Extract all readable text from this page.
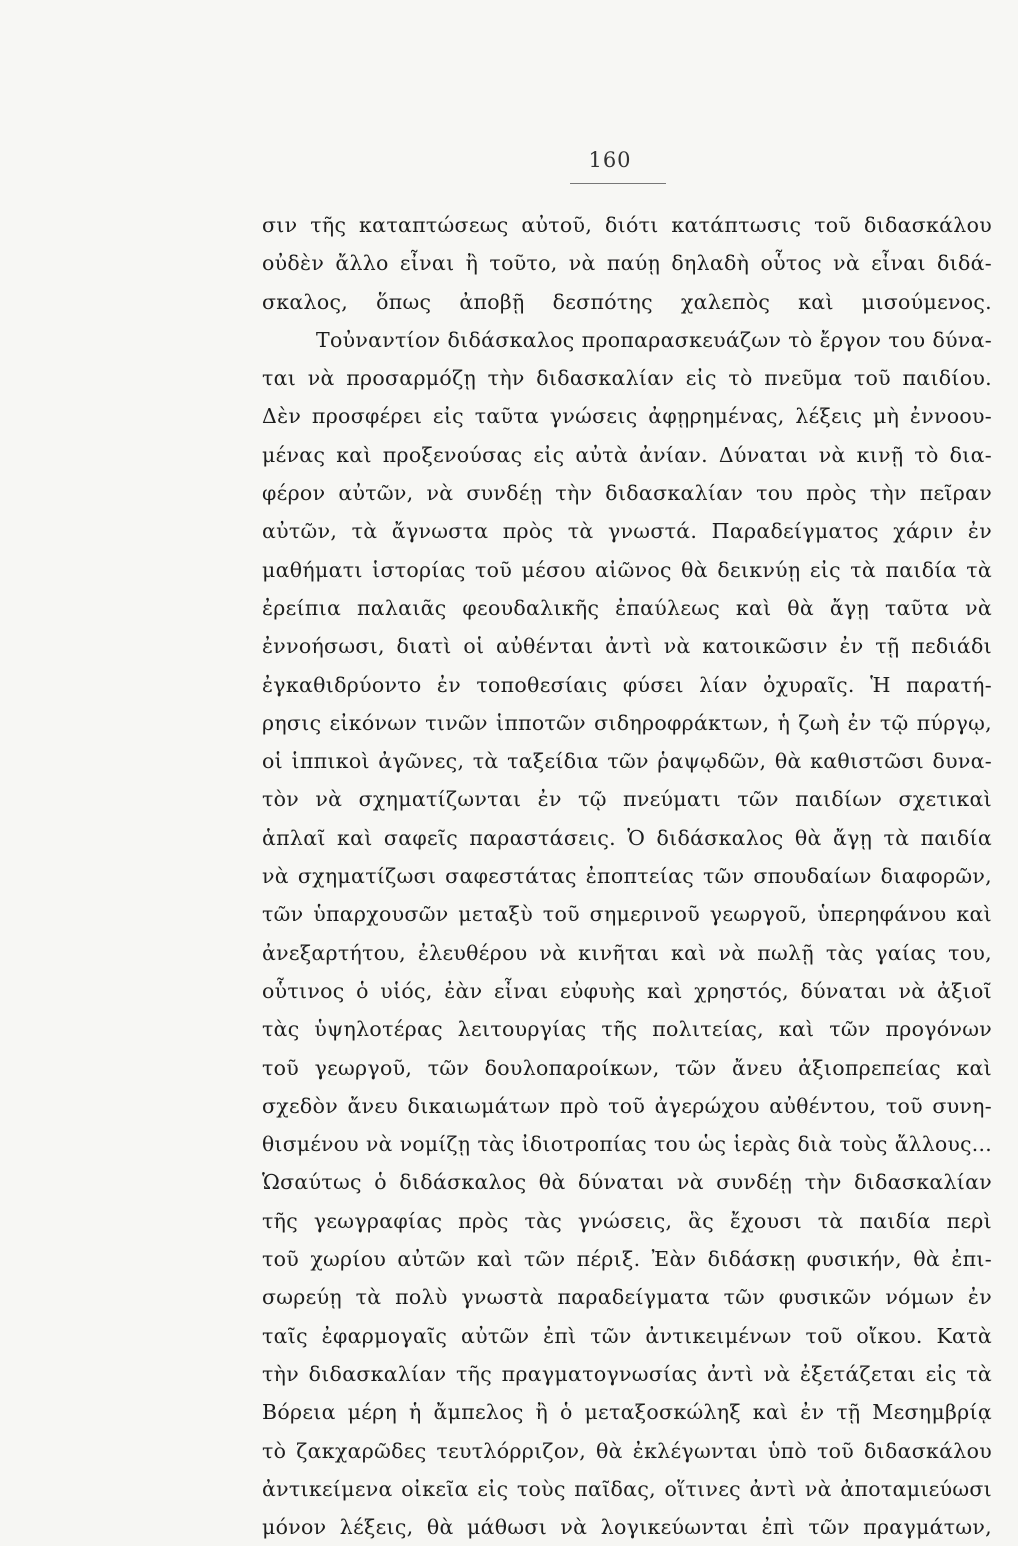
160
σιν τῆς καταπτώσεως αὐτοῦ, διότι κατάπτωσις τοῦ διδασκάλου
οὐδὲν ἄλλο εἶναι ἢ τοῦτο, νὰ παύῃ δηλαδὴ οὗτος νὰ εἶναι διδά-
σκαλος, ὅπως ἀποβῇ δεσπότης χαλεπὸς καὶ μισούμενος.
Τοὐναντίον διδάσκαλος προπαρασκευάζων τὸ ἔργον του δύνα-
ται νὰ προσαρμόζῃ τὴν διδασκαλίαν εἰς τὸ πνεῦμα τοῦ παιδίου.
Δὲν προσφέρει εἰς ταῦτα γνώσεις ἀφῃρημένας, λέξεις μὴ ἐννοου-
μένας καὶ προξενούσας εἰς αὐτὰ ἀνίαν. Δύναται νὰ κινῇ τὸ δια-
φέρον αὐτῶν, νὰ συνδέῃ τὴν διδασκαλίαν του πρὸς τὴν πεῖραν
αὐτῶν, τὰ ἄγνωστα πρὸς τὰ γνωστά. Παραδείγματος χάριν ἐν
μαθήματι ἱστορίας τοῦ μέσου αἰῶνος θὰ δεικνύῃ εἰς τὰ παιδία τὰ
ἐρείπια παλαιᾶς φεουδαλικῆς ἐπαύλεως καὶ θὰ ἄγῃ ταῦτα νὰ
ἐννοήσωσι, διατὶ οἱ αὐθένται ἀντὶ νὰ κατοικῶσιν ἐν τῇ πεδιάδι
ἐγκαθιδρύοντο ἐν τοποθεσίαις φύσει λίαν ὀχυραῖς. Ἡ παρατή-
ρησις εἰκόνων τινῶν ἱπποτῶν σιδηροφράκτων, ἡ ζωὴ ἐν τῷ πύργῳ,
οἱ ἱππικοὶ ἀγῶνες, τὰ ταξείδια τῶν ῥαψῳδῶν, θὰ καθιστῶσι δυνα-
τὸν νὰ σχηματίζωνται ἐν τῷ πνεύματι τῶν παιδίων σχετικαὶ
ἁπλαῖ καὶ σαφεῖς παραστάσεις. Ὁ διδάσκαλος θὰ ἄγῃ τὰ παιδία
νὰ σχηματίζωσι σαφεστάτας ἐποπτείας τῶν σπουδαίων διαφορῶν,
τῶν ὑπαρχουσῶν μεταξὺ τοῦ σημερινοῦ γεωργοῦ, ὑπερηφάνου καὶ
ἀνεξαρτήτου, ἐλευθέρου νὰ κινῆται καὶ νὰ πωλῇ τὰς γαίας του,
οὗτινος ὁ υἱός, ἐὰν εἶναι εὐφυὴς καὶ χρηστός, δύναται νὰ ἀξιοῖ
τὰς ὑψηλοτέρας λειτουργίας τῆς πολιτείας, καὶ τῶν προγόνων
τοῦ γεωργοῦ, τῶν δουλοπαροίκων, τῶν ἄνευ ἀξιοπρεπείας καὶ
σχεδὸν ἄνευ δικαιωμάτων πρὸ τοῦ ἀγερώχου αὐθέντου, τοῦ συνη-
θισμένου νὰ νομίζῃ τὰς ἰδιοτροπίας του ὡς ἱερὰς διὰ τοὺς ἄλλους...
Ὡσαύτως ὁ διδάσκαλος θὰ δύναται νὰ συνδέῃ τὴν διδασκαλίαν
τῆς γεωγραφίας πρὸς τὰς γνώσεις, ἃς ἔχουσι τὰ παιδία περὶ
τοῦ χωρίου αὐτῶν καὶ τῶν πέριξ. Ἐὰν διδάσκῃ φυσικήν, θὰ ἐπι-
σωρεύῃ τὰ πολὺ γνωστὰ παραδείγματα τῶν φυσικῶν νόμων ἐν
ταῖς ἐφαρμογαῖς αὐτῶν ἐπὶ τῶν ἀντικειμένων τοῦ οἴκου. Κατὰ
τὴν διδασκαλίαν τῆς πραγματογνωσίας ἀντὶ νὰ ἐξετάζεται εἰς τὰ
Βόρεια μέρη ἡ ἄμπελος ἢ ὁ μεταξοσκώληξ καὶ ἐν τῇ Μεσημβρίᾳ
τὸ ζακχαρῶδες τευτλόρριζον, θὰ ἐκλέγωνται ὑπὸ τοῦ διδασκάλου
ἀντικείμενα οἰκεῖα εἰς τοὺς παῖδας, οἵτινες ἀντὶ νὰ ἀποταμιεύωσι
μόνον λέξεις, θὰ μάθωσι νὰ λογικεύωνται ἐπὶ τῶν πραγμάτων,
